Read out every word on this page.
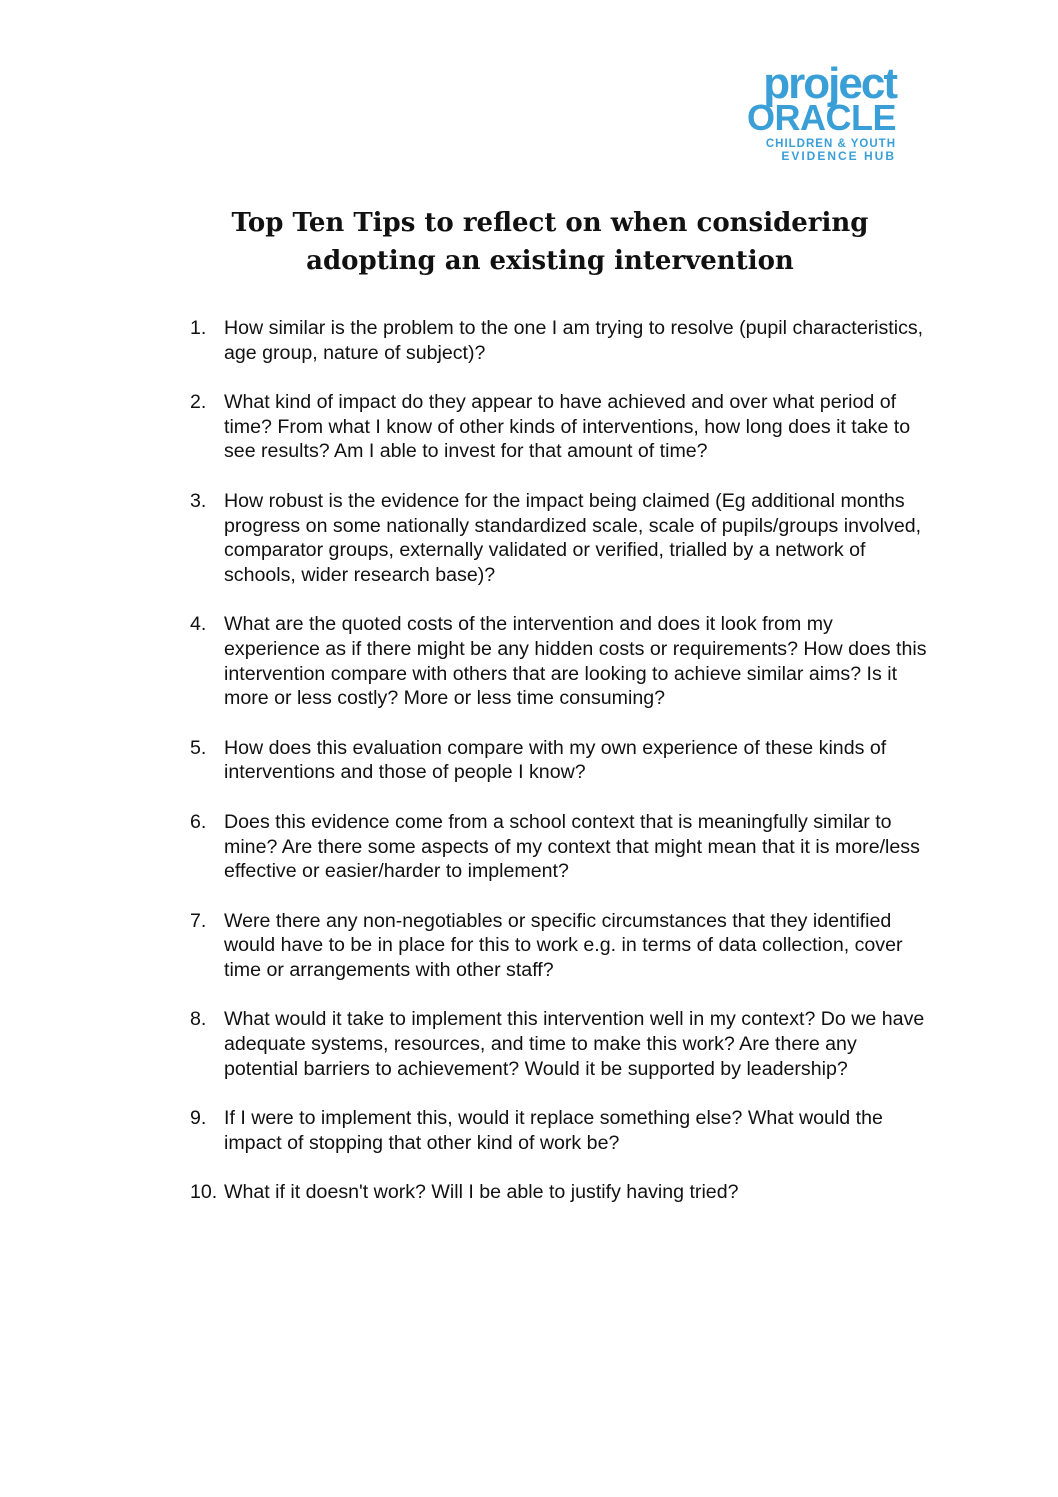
project
ORACLE
CHILDREN & YOUTH
EVIDENCE HUB
Top Ten Tips to reflect on when considering
adopting an existing intervention
1. How similar is the problem to the one I am trying to resolve (pupil characteristics, age group, nature of subject)?
2. What kind of impact do they appear to have achieved and over what period of time? From what I know of other kinds of interventions, how long does it take to see results? Am I able to invest for that amount of time?
3. How robust is the evidence for the impact being claimed (Eg additional months progress on some nationally standardized scale, scale of pupils/groups involved, comparator groups, externally validated or verified, trialled by a network of schools, wider research base)?
4. What are the quoted costs of the intervention and does it look from my experience as if there might be any hidden costs or requirements? How does this intervention compare with others that are looking to achieve similar aims? Is it more or less costly? More or less time consuming?
5. How does this evaluation compare with my own experience of these kinds of interventions and those of people I know?
6. Does this evidence come from a school context that is meaningfully similar to mine? Are there some aspects of my context that might mean that it is more/less effective or easier/harder to implement?
7. Were there any non-negotiables or specific circumstances that they identified would have to be in place for this to work e.g. in terms of data collection, cover time or arrangements with other staff?
8. What would it take to implement this intervention well in my context? Do we have adequate systems, resources, and time to make this work? Are there any potential barriers to achievement? Would it be supported by leadership?
9. If I were to implement this, would it replace something else? What would the impact of stopping that other kind of work be?
10. What if it doesn't work? Will I be able to justify having tried?
